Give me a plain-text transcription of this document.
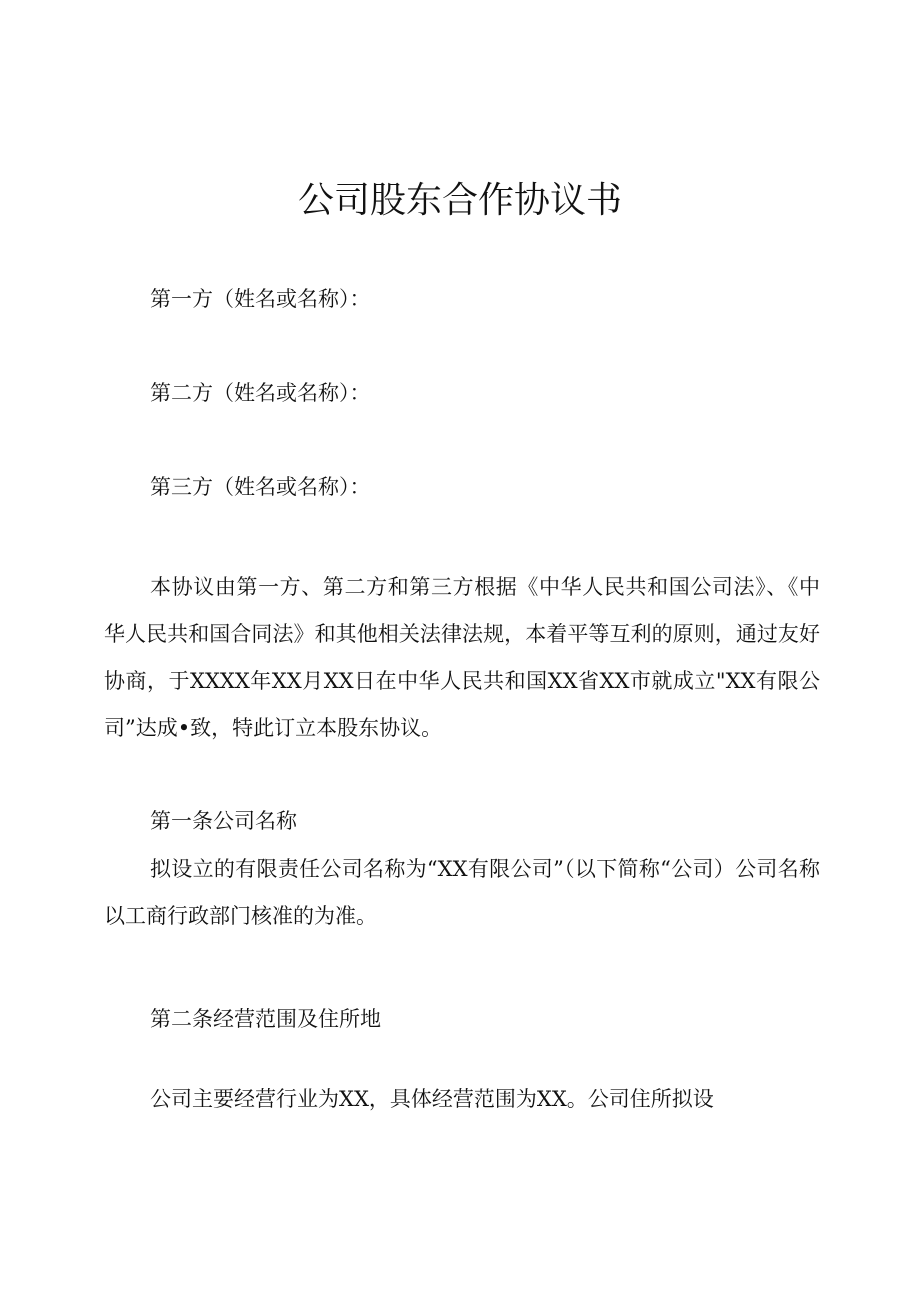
公司股东合作协议书
第一方（姓名或名称）：
第二方（姓名或名称）：
第三方（姓名或名称）：
本协议由第一方、第二方和第三方根据《中华人民共和国公司法》、《中华人民共和国合同法》和其他相关法律法规，本着平等互利的原则，通过友好协商，于XXXX年XX月XX日在中华人民共和国XX省XX市就成立"XX有限公司”达成•致，特此订立本股东协议。
第一条公司名称
拟设立的有限责任公司名称为“XX有限公司”（以下简称“公司）公司名称以工商行政部门核准的为准。
第二条经营范围及住所地
公司主要经营行业为XX，具体经营范围为XX。公司住所拟设
